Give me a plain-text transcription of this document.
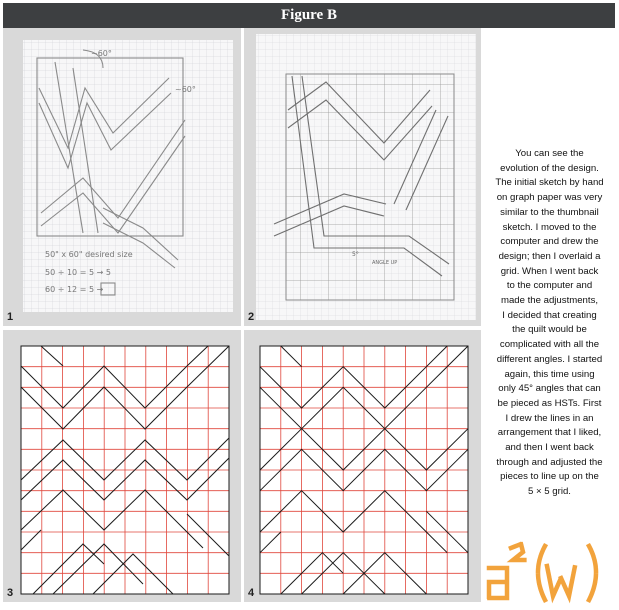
Figure B
~60°
~60°
50" x 60" desired size
50 ÷ 10 = 5 → 5
60 ÷ 12 = 5 →
1
5°
ANGLE UP
2
3	4
You can see the
evolution of the design.
The initial sketch by hand
on graph paper was very
similar to the thumbnail
sketch. I moved to the
computer and drew the
design; then I overlaid a
grid. When I went back
to the computer and
made the adjustments,
I decided that creating
the quilt would be
complicated with all the
different angles. I started
again, this time using
only 45° angles that can
be pieced as HSTs. First
I drew the lines in an
arrangement that I liked,
and then I went back
through and adjusted the
pieces to line up on the
5 × 5 grid.
